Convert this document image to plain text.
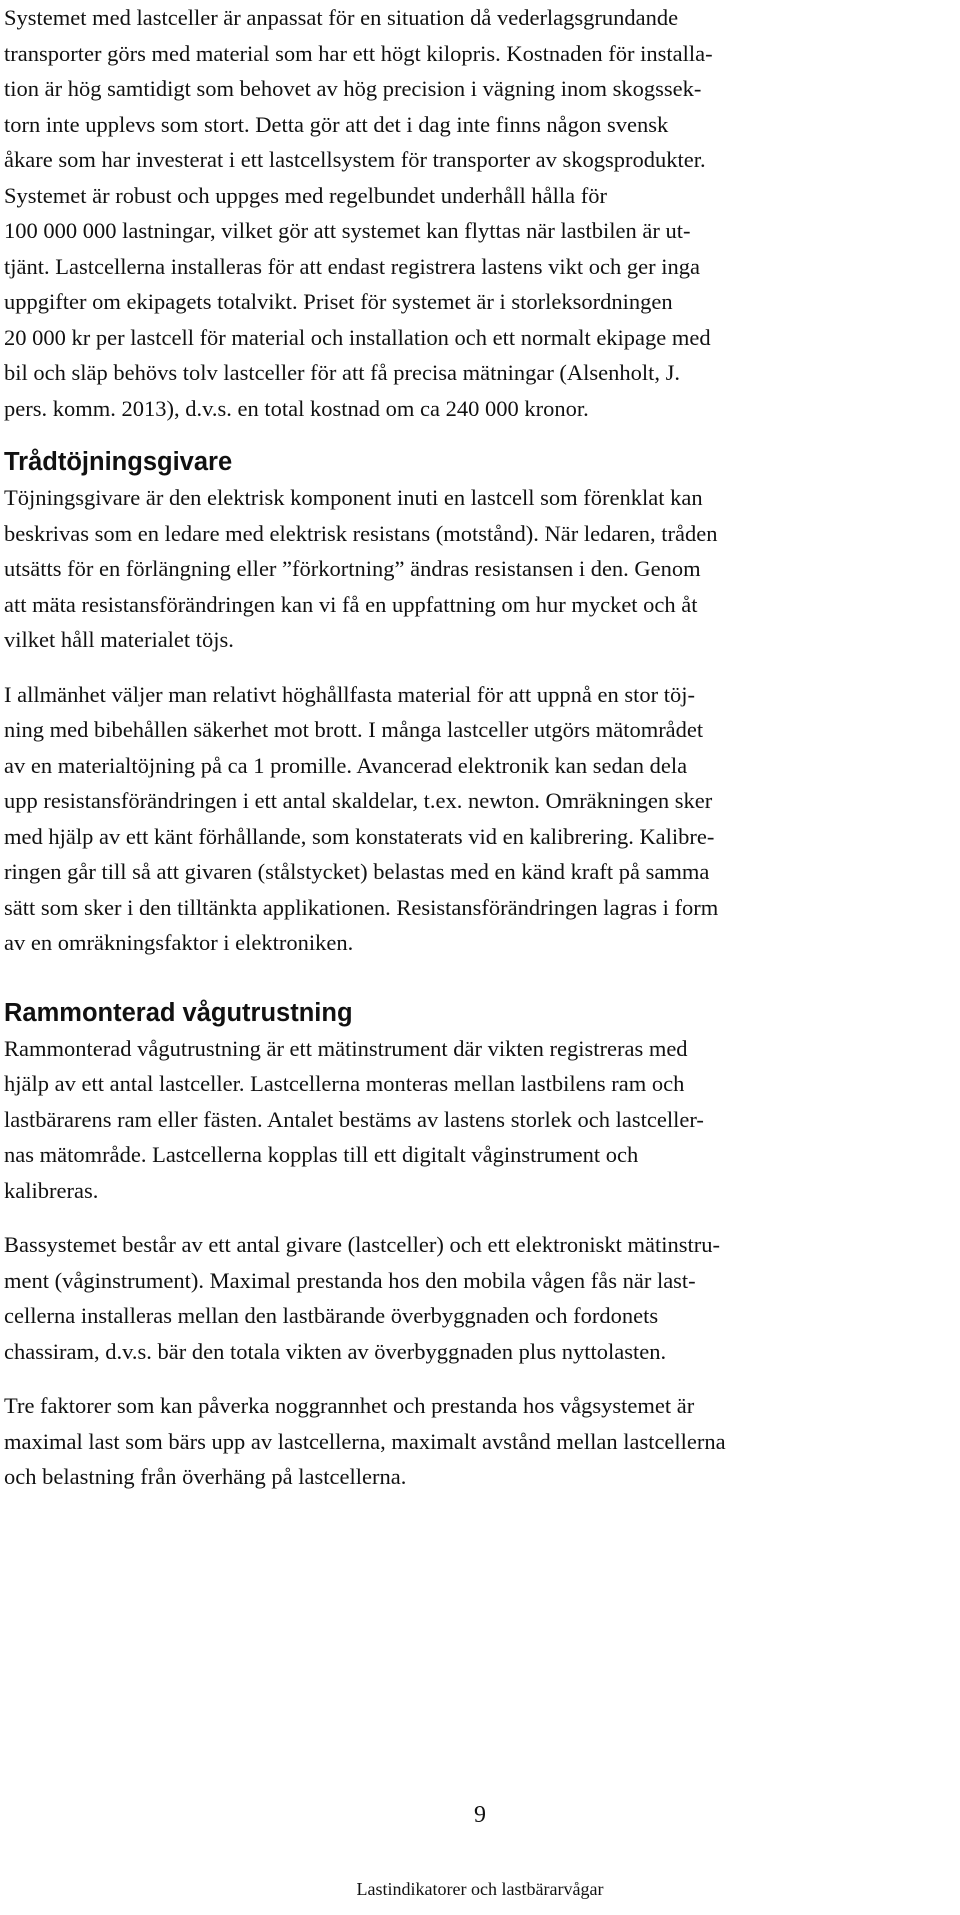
Systemet med lastceller är anpassat för en situation då vederlagsgrundande
transporter görs med material som har ett högt kilopris. Kostnaden för installa-
tion är hög samtidigt som behovet av hög precision i vägning inom skogssek-
torn inte upplevs som stort. Detta gör att det i dag inte finns någon svensk
åkare som har investerat i ett lastcellsystem för transporter av skogsprodukter.
Systemet är robust och uppges med regelbundet underhåll hålla för
100 000 000 lastningar, vilket gör att systemet kan flyttas när lastbilen är ut-
tjänt. Lastcellerna installeras för att endast registrera lastens vikt och ger inga
uppgifter om ekipagets totalvikt. Priset för systemet är i storleksordningen
20 000 kr per lastcell för material och installation och ett normalt ekipage med
bil och släp behövs tolv lastceller för att få precisa mätningar (Alsenholt, J.
pers. komm. 2013), d.v.s. en total kostnad om ca 240 000 kronor.

Trådtöjningsgivare

Töjningsgivare är den elektrisk komponent inuti en lastcell som förenklat kan
beskrivas som en ledare med elektrisk resistans (motstånd). När ledaren, tråden
utsätts för en förlängning eller ”förkortning” ändras resistansen i den. Genom
att mäta resistansförändringen kan vi få en uppfattning om hur mycket och åt
vilket håll materialet töjs.

I allmänhet väljer man relativt höghållfasta material för att uppnå en stor töj-
ning med bibehållen säkerhet mot brott. I många lastceller utgörs mätområdet
av en materialtöjning på ca 1 promille. Avancerad elektronik kan sedan dela
upp resistansförändringen i ett antal skaldelar, t.ex. newton. Omräkningen sker
med hjälp av ett känt förhållande, som konstaterats vid en kalibrering. Kalibre-
ringen går till så att givaren (stålstycket) belastas med en känd kraft på samma
sätt som sker i den tilltänkta applikationen. Resistansförändringen lagras i form
av en omräkningsfaktor i elektroniken.

Rammonterad vågutrustning

Rammonterad vågutrustning är ett mätinstrument där vikten registreras med
hjälp av ett antal lastceller. Lastcellerna monteras mellan lastbilens ram och
lastbärarens ram eller fästen. Antalet bestäms av lastens storlek och lastceller-
nas mätområde. Lastcellerna kopplas till ett digitalt våginstrument och
kalibreras.

Bassystemet består av ett antal givare (lastceller) och ett elektroniskt mätinstru-
ment (våginstrument). Maximal prestanda hos den mobila vågen fås när last-
cellerna installeras mellan den lastbärande överbyggnaden och fordonets
chassiram, d.v.s. bär den totala vikten av överbyggnaden plus nyttolasten.

Tre faktorer som kan påverka noggrannhet och prestanda hos vågsystemet är
maximal last som bärs upp av lastcellerna, maximalt avstånd mellan lastcellerna
och belastning från överhäng på lastcellerna.

9
Lastindikatorer och lastbärarvågar
